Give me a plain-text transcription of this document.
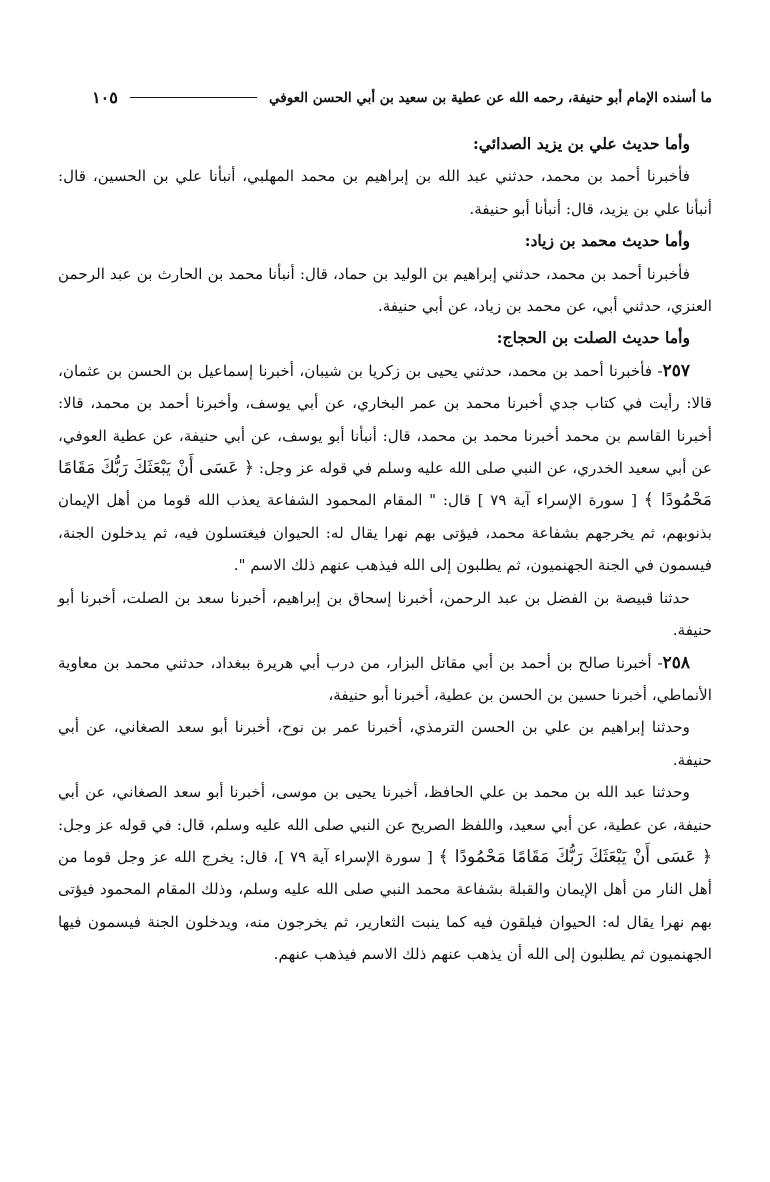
ما أسنده الإمام أبو حنيفة، رحمه الله عن عطية بن سعيد بن أبي الحسن العوفي
١٠٥

وأما حديث علي بن يزيد الصدائي:

فأخبرنا أحمد بن محمد، حدثني عبد الله بن إبراهيم بن محمد المهلبي، أنبأنا علي بن الحسين، قال: أنبأنا علي بن يزيد، قال: أنبأنا أبو حنيفة.

وأما حديث محمد بن زياد:

فأخبرنا أحمد بن محمد، حدثني إبراهيم بن الوليد بن حماد، قال: أنبأنا محمد بن الحارث بن عبد الرحمن العنزي، حدثني أبي، عن محمد بن زياد، عن أبي حنيفة.

وأما حديث الصلت بن الحجاج:

٢٥٧- فأخبرنا أحمد بن محمد، حدثني يحيى بن زكريا بن شيبان، أخبرنا إسماعيل بن الحسن بن عثمان، قالا: رأيت في كتاب جدي أخبرنا محمد بن عمر البخاري، عن أبي يوسف، وأخبرنا أحمد بن محمد، قالا: أخبرنا القاسم بن محمد أخبرنا محمد بن محمد، قال: أنبأنا أبو يوسف، عن أبي حنيفة، عن عطية العوفي، عن أبي سعيد الخدري، عن النبي صلى الله عليه وسلم في قوله عز وجل: ﴿ عَسَى أَنْ يَبْعَثَكَ رَبُّكَ مَقَامًا مَحْمُودًا ﴾ [ سورة الإسراء آية ٧٩ ] قال: " المقام المحمود الشفاعة يعذب الله قوما من أهل الإيمان بذنوبهم، ثم يخرجهم بشفاعة محمد، فيؤتى بهم نهرا يقال له: الحيوان فيغتسلون فيه، ثم يدخلون الجنة، فيسمون في الجنة الجهنميون، ثم يطلبون إلى الله فيذهب عنهم ذلك الاسم ".

حدثنا قبيصة بن الفضل بن عبد الرحمن، أخبرنا إسحاق بن إبراهيم، أخبرنا سعد بن الصلت، أخبرنا أبو حنيفة.

٢٥٨- أخبرنا صالح بن أحمد بن أبي مقاتل البزار، من درب أبي هريرة ببغداد، حدثني محمد بن معاوية الأنماطي، أخبرنا حسين بن الحسن بن عطية، أخبرنا أبو حنيفة،

وحدثنا إبراهيم بن علي بن الحسن الترمذي، أخبرنا عمر بن نوح، أخبرنا أبو سعد الصغاني، عن أبي حنيفة.

وحدثنا عبد الله بن محمد بن علي الحافظ، أخبرنا يحيى بن موسى، أخبرنا أبو سعد الصغاني، عن أبي حنيفة، عن عطية، عن أبي سعيد، واللفظ الصريح عن النبي صلى الله عليه وسلم، قال: في قوله عز وجل: ﴿ عَسَى أَنْ يَبْعَثَكَ رَبُّكَ مَقَامًا مَحْمُودًا ﴾ [ سورة الإسراء آية ٧٩ ]، قال: يخرج الله عز وجل قوما من أهل النار من أهل الإيمان والقبلة بشفاعة محمد النبي صلى الله عليه وسلم، وذلك المقام المحمود فيؤتى بهم نهرا يقال له: الحيوان فيلقون فيه كما ينبت الثعارير، ثم يخرجون منه، ويدخلون الجنة فيسمون فيها الجهنميون ثم يطلبون إلى الله أن يذهب عنهم ذلك الاسم فيذهب عنهم.
